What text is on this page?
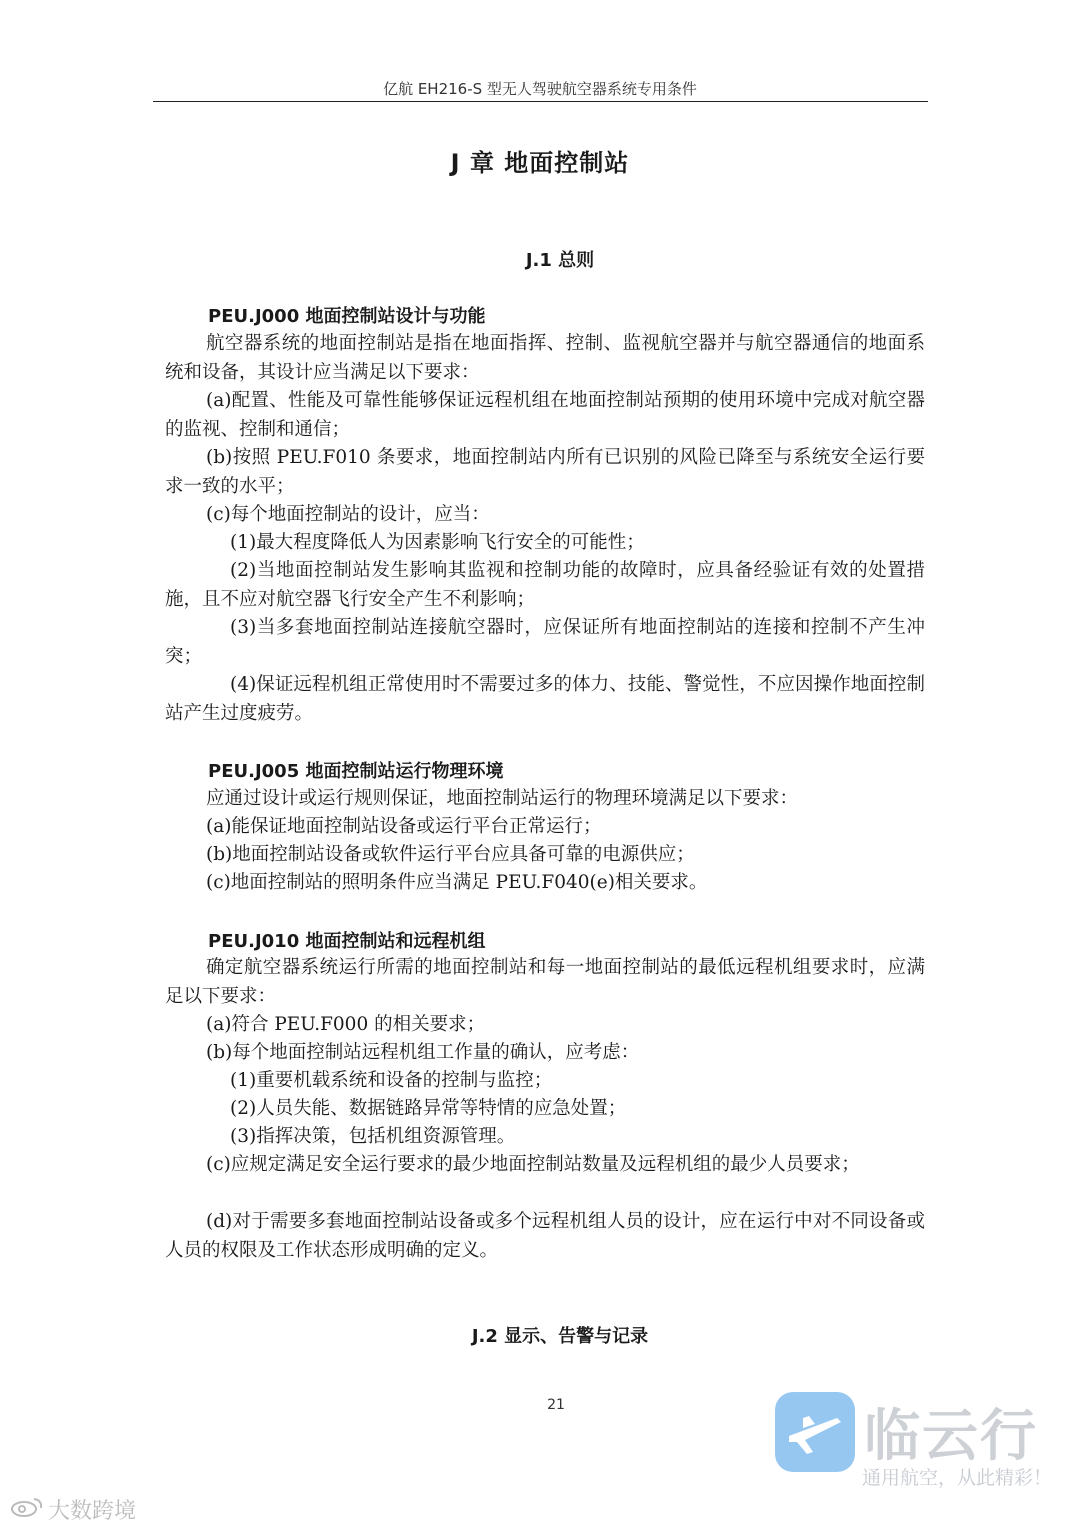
亿航 EH216-S 型无人驾驶航空器系统专用条件
J 章 地面控制站
J.1 总则
PEU.J000 地面控制站设计与功能

航空器系统的地面控制站是指在地面指挥、控制、监视航空器并与航空器通信的地面系统和设备，其设计应当满足以下要求：

(a)配置、性能及可靠性能够保证远程机组在地面控制站预期的使用环境中完成对航空器的监视、控制和通信；

(b)按照 PEU.F010 条要求，地面控制站内所有已识别的风险已降至与系统安全运行要求一致的水平；

(c)每个地面控制站的设计，应当：

(1)最大程度降低人为因素影响飞行安全的可能性；

(2)当地面控制站发生影响其监视和控制功能的故障时，应具备经验证有效的处置措施，且不应对航空器飞行安全产生不利影响；

(3)当多套地面控制站连接航空器时，应保证所有地面控制站的连接和控制不产生冲突；

(4)保证远程机组正常使用时不需要过多的体力、技能、警觉性，不应因操作地面控制站产生过度疲劳。

PEU.J005 地面控制站运行物理环境

应通过设计或运行规则保证，地面控制站运行的物理环境满足以下要求：

(a)能保证地面控制站设备或运行平台正常运行；

(b)地面控制站设备或软件运行平台应具备可靠的电源供应；

(c)地面控制站的照明条件应当满足 PEU.F040(e)相关要求。

PEU.J010 地面控制站和远程机组

确定航空器系统运行所需的地面控制站和每一地面控制站的最低远程机组要求时，应满足以下要求：

(a)符合 PEU.F000 的相关要求；

(b)每个地面控制站远程机组工作量的确认，应考虑：

(1)重要机载系统和设备的控制与监控；

(2)人员失能、数据链路异常等特情的应急处置；

(3)指挥决策，包括机组资源管理。

(c)应规定满足安全运行要求的最少地面控制站数量及远程机组的最少人员要求；

(d)对于需要多套地面控制站设备或多个远程机组人员的设计，应在运行中对不同设备或人员的权限及工作状态形成明确的定义。

J.2 显示、告警与记录
21	临云行
通用航空，从此精彩！
大数跨境
